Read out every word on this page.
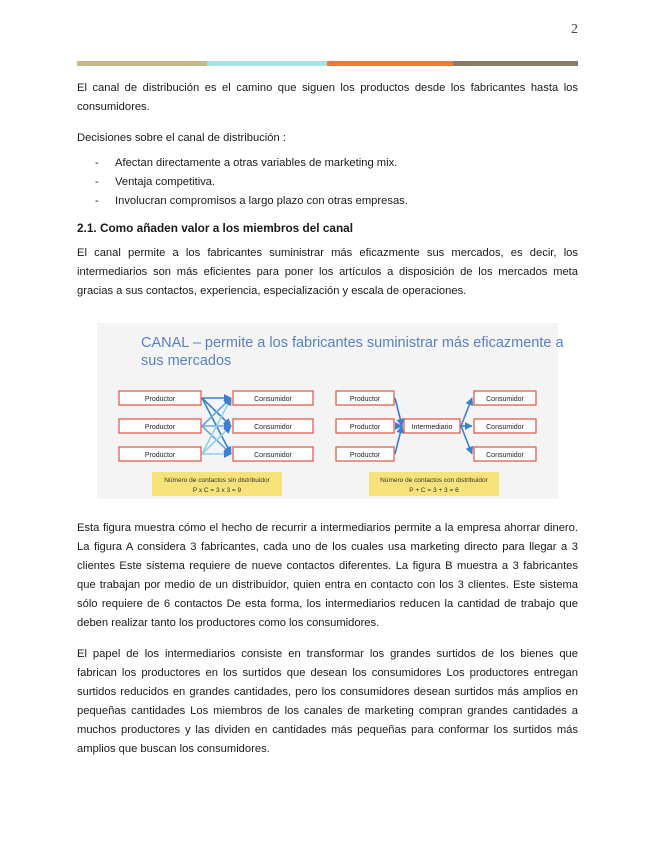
2

El canal de distribución es el camino que siguen los productos desde los fabricantes hasta los consumidores.

Decisiones sobre el canal de distribución :

- Afectan directamente a otras variables de marketing mix.
- Ventaja competitiva.
- Involucran compromisos a largo plazo con otras empresas.
2.1. Como añaden valor a los miembros del canal

El canal permite a los fabricantes suministrar más eficazmente sus mercados, es decir, los intermediarios son más eficientes para poner los artículos a disposición de los mercados meta gracias a sus contactos, experiencia, especialización y escala de operaciones.

CANAL – permite a los fabricantes suministrar más eficazmente a
sus mercados
Productor
Productor
Productor
Consumidor
Consumidor
Consumidor
Productor
Productor
Productor
Intermediario
Consumidor
Consumidor
Consumidor
Número de contactos sin distribuidor
P x C = 3 x 3 = 9
Número de contactos con distribuidor
P + C = 3 + 3 = 6

Esta figura muestra cómo el hecho de recurrir a intermediarios permite a la empresa ahorrar dinero. La figura A considera 3 fabricantes, cada uno de los cuales usa marketing directo para llegar a 3 clientes Este sistema requiere de nueve contactos diferentes. La figura B muestra a 3 fabricantes que trabajan por medio de un distribuidor, quien entra en contacto con los 3 clientes. Este sistema sólo requiere de 6 contactos De esta forma, los intermediarios reducen la cantidad de trabajo que deben realizar tanto los productores como los consumidores.

El papel de los intermediarios consiste en transformar los grandes surtidos de los bienes que fabrican los productores en los surtidos que desean los consumidores Los productores entregan surtidos reducidos en grandes cantidades, pero los consumidores desean surtidos más amplios en pequeñas cantidades Los miembros de los canales de marketing compran grandes cantidades a muchos productores y las dividen en cantidades más pequeñas para conformar los surtidos más amplios que buscan los consumidores.
